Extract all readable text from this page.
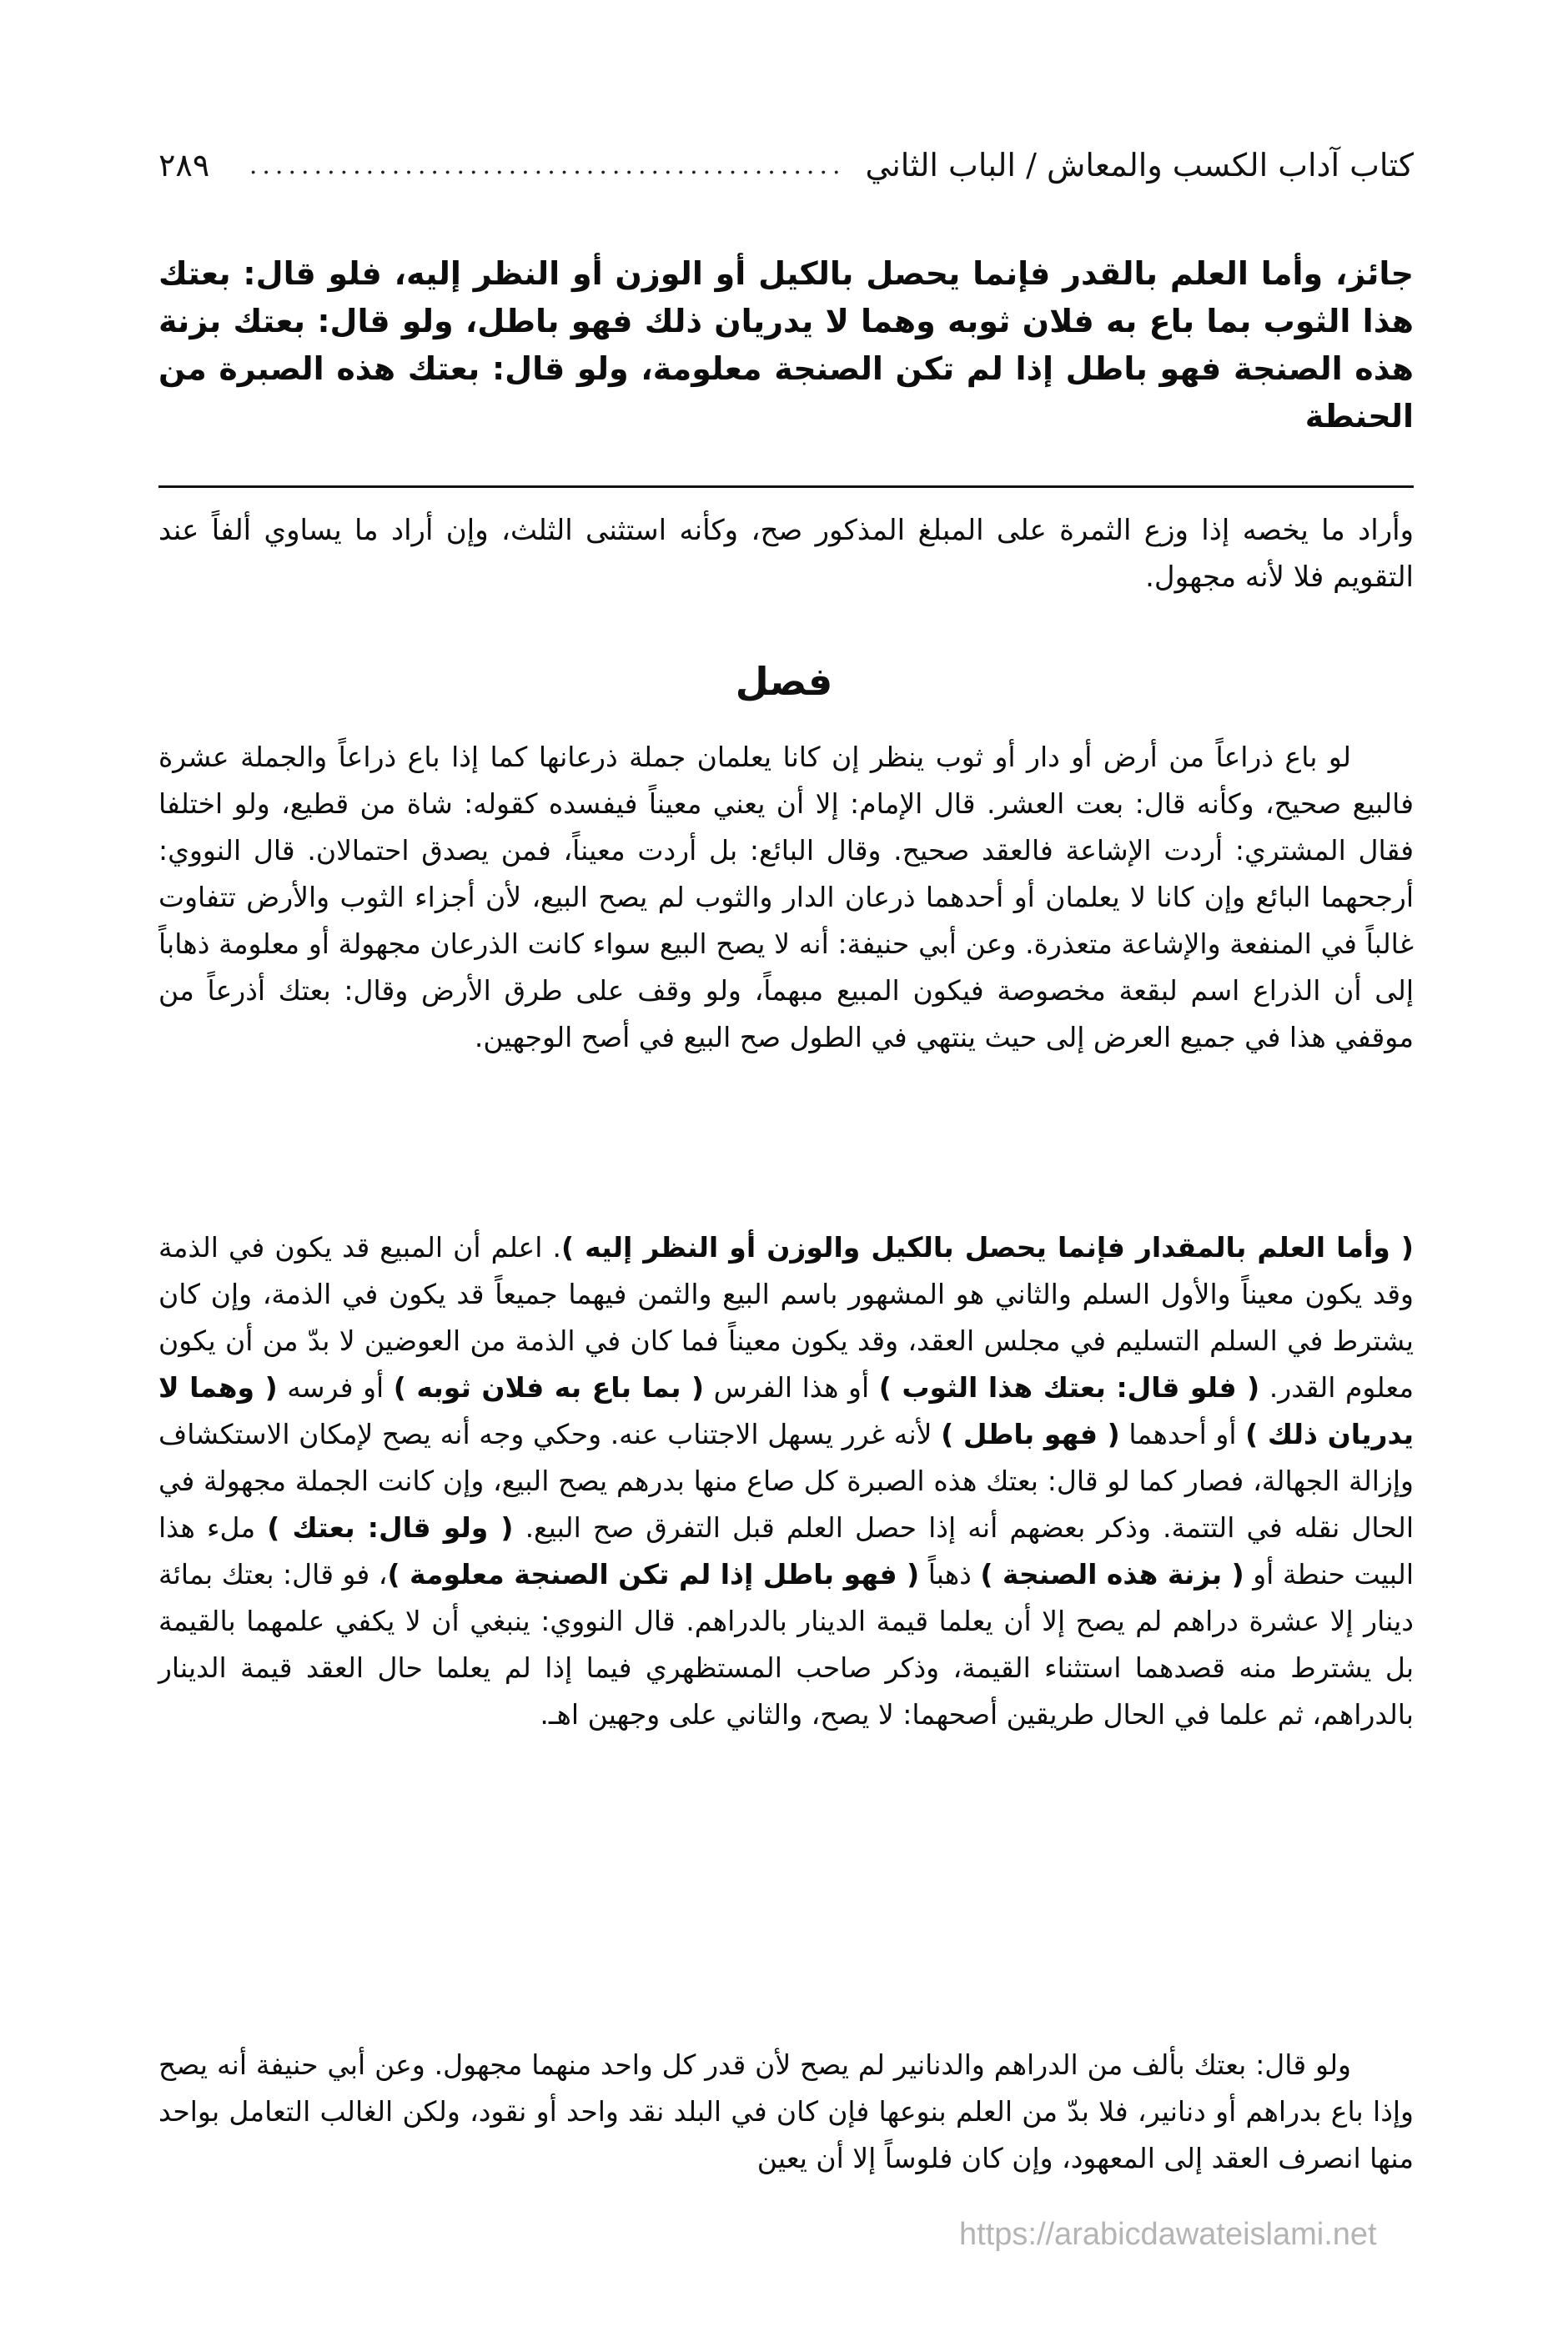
كتاب آداب الكسب والمعاش / الباب الثاني
..............................................
٢٨٩

جائز، وأما العلم بالقدر فإنما يحصل بالكيل أو الوزن أو النظر إليه، فلو قال: بعتك هذا الثوب بما باع به فلان ثوبه وهما لا يدريان ذلك فهو باطل، ولو قال: بعتك بزنة هذه الصنجة فهو باطل إذا لم تكن الصنجة معلومة، ولو قال: بعتك هذه الصبرة من الحنطة

وأراد ما يخصه إذا وزع الثمرة على المبلغ المذكور صح، وكأنه استثنى الثلث، وإن أراد ما يساوي ألفاً عند التقويم فلا لأنه مجهول.

فصل

لو باع ذراعاً من أرض أو دار أو ثوب ينظر إن كانا يعلمان جملة ذرعانها كما إذا باع ذراعاً والجملة عشرة فالبيع صحيح، وكأنه قال: بعت العشر. قال الإمام: إلا أن يعني معيناً فيفسده كقوله: شاة من قطيع، ولو اختلفا فقال المشتري: أردت الإشاعة فالعقد صحيح. وقال البائع: بل أردت معيناً، فمن يصدق احتمالان. قال النووي: أرجحهما البائع وإن كانا لا يعلمان أو أحدهما ذرعان الدار والثوب لم يصح البيع، لأن أجزاء الثوب والأرض تتفاوت غالباً في المنفعة والإشاعة متعذرة. وعن أبي حنيفة: أنه لا يصح البيع سواء كانت الذرعان مجهولة أو معلومة ذهاباً إلى أن الذراع اسم لبقعة مخصوصة فيكون المبيع مبهماً، ولو وقف على طرق الأرض وقال: بعتك أذرعاً من موقفي هذا في جميع العرض إلى حيث ينتهي في الطول صح البيع في أصح الوجهين.

( وأما العلم بالمقدار فإنما يحصل بالكيل والوزن أو النظر إليه ). اعلم أن المبيع قد يكون في الذمة وقد يكون معيناً والأول السلم والثاني هو المشهور باسم البيع والثمن فيهما جميعاً قد يكون في الذمة، وإن كان يشترط في السلم التسليم في مجلس العقد، وقد يكون معيناً فما كان في الذمة من العوضين لا بدّ من أن يكون معلوم القدر. ( فلو قال: بعتك هذا الثوب ) أو هذا الفرس ( بما باع به فلان ثوبه ) أو فرسه ( وهما لا يدريان ذلك ) أو أحدهما ( فهو باطل ) لأنه غرر يسهل الاجتناب عنه. وحكي وجه أنه يصح لإمكان الاستكشاف وإزالة الجهالة، فصار كما لو قال: بعتك هذه الصبرة كل صاع منها بدرهم يصح البيع، وإن كانت الجملة مجهولة في الحال نقله في التتمة. وذكر بعضهم أنه إذا حصل العلم قبل التفرق صح البيع. ( ولو قال: بعتك ) ملء هذا البيت حنطة أو ( بزنة هذه الصنجة ) ذهباً ( فهو باطل إذا لم تكن الصنجة معلومة )، فو قال: بعتك بمائة دينار إلا عشرة دراهم لم يصح إلا أن يعلما قيمة الدينار بالدراهم. قال النووي: ينبغي أن لا يكفي علمهما بالقيمة بل يشترط منه قصدهما استثناء القيمة، وذكر صاحب المستظهري فيما إذا لم يعلما حال العقد قيمة الدينار بالدراهم، ثم علما في الحال طريقين أصحهما: لا يصح، والثاني على وجهين اهـ.

ولو قال: بعتك بألف من الدراهم والدنانير لم يصح لأن قدر كل واحد منهما مجهول. وعن أبي حنيفة أنه يصح وإذا باع بدراهم أو دنانير، فلا بدّ من العلم بنوعها فإن كان في البلد نقد واحد أو نقود، ولكن الغالب التعامل بواحد منها انصرف العقد إلى المعهود، وإن كان فلوساً إلا أن يعين

https://arabicdawateislami.net
